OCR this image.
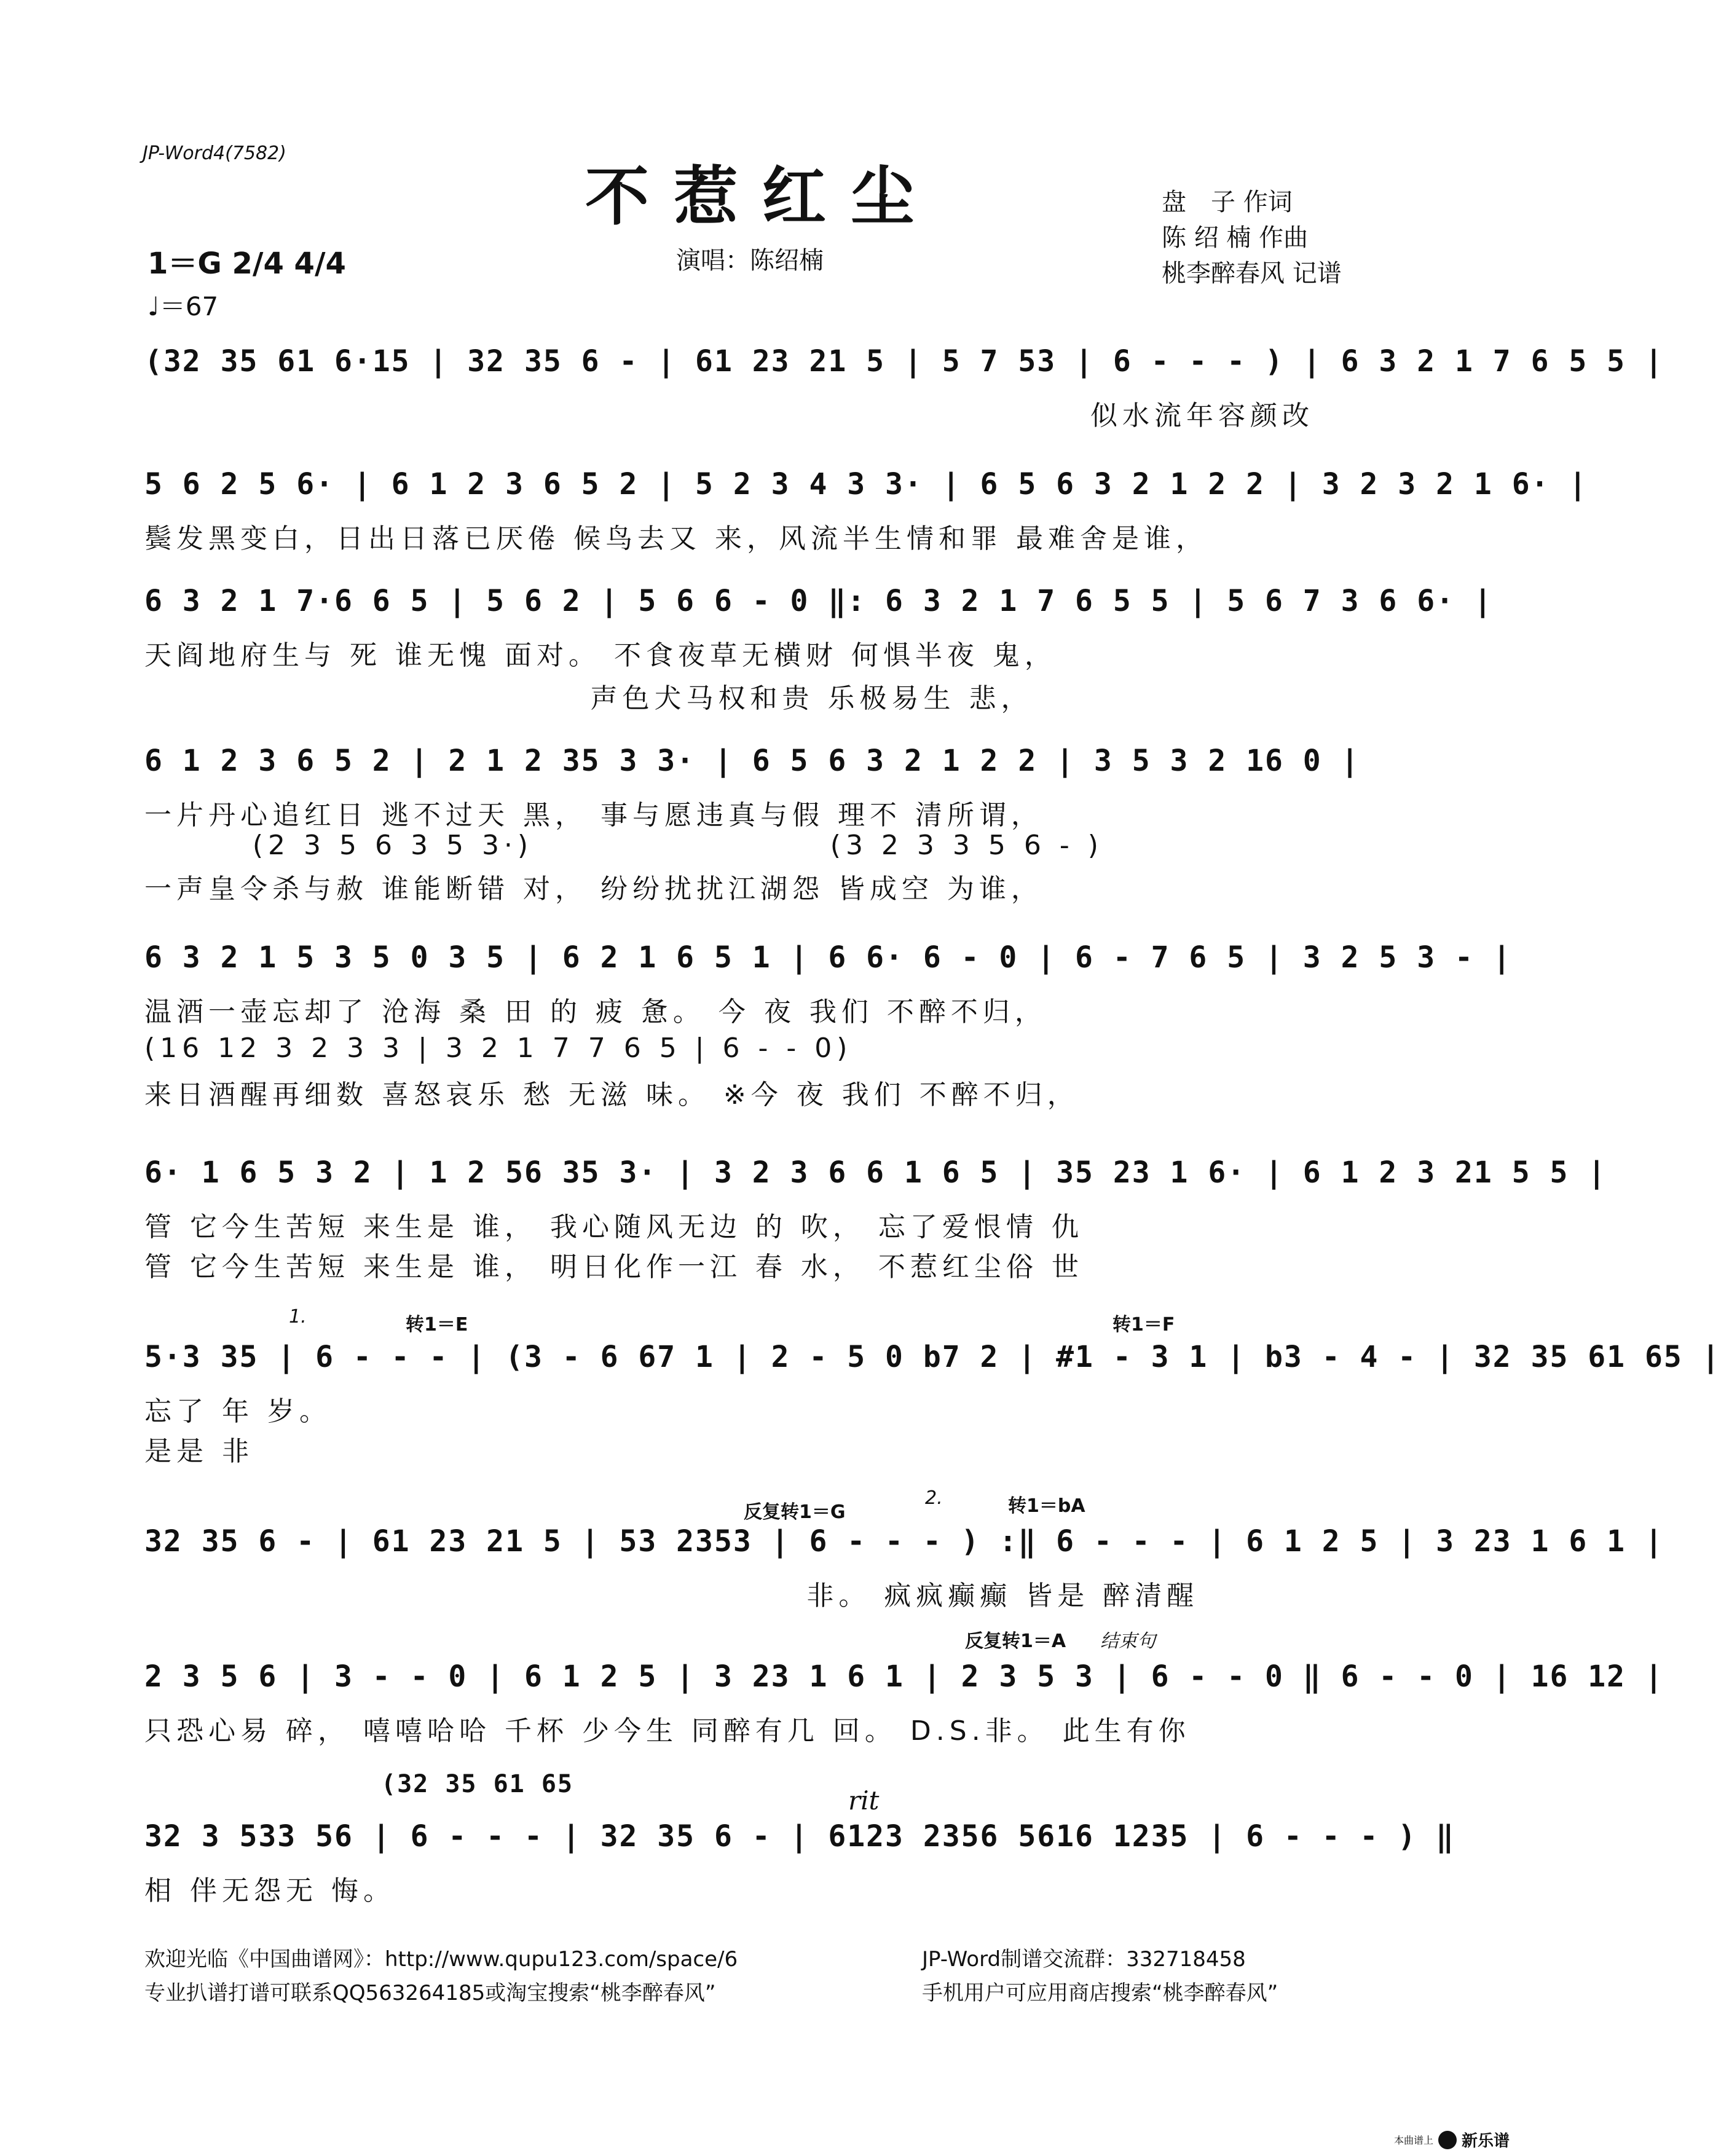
JP-Word4(7582)
不惹红尘
演唱：陈绍楠
盘　子 作词
陈 绍 楠 作曲
桃李醉春风 记谱
1＝G 2/4 4/4
♩＝67
(32 35 61 6·15 | 32 35 6 - | 61 23 21 5 | 5 7 53 | 6 - - - ) | 6 3 2 1 7 6 5 5 |
似水流年容颜改
5 6 2 5 6· | 6 1 2 3 6 5 2 | 5 2 3 4 3 3· | 6 5 6 3 2 1 2 2 | 3 2 3 2 1 6· |
鬓发黑变白，日出日落已厌倦 候鸟去又 来，风流半生情和罪 最难舍是谁，
6 3 2 1 7·6 6 5 | 5 6 2 | 5 6 6 - 0 ‖: 6 3 2 1 7 6 5 5 | 5 6 7 3 6 6· |
天阎地府生与 死 谁无愧 面对。 不食夜草无横财 何惧半夜 鬼，
声色犬马权和贵 乐极易生 悲，
6 1 2 3 6 5 2 | 2 1 2 35 3 3· | 6 5 6 3 2 1 2 2 | 3 5 3 2 16 0 |
一片丹心追红日 逃不过天 黑， 事与愿违真与假 理不 清所谓，
(2 3 5 6 3 5 3·)                      (3 2 3 3 5 6 - )
一声皇令杀与赦 谁能断错 对， 纷纷扰扰江湖怨 皆成空 为谁，
6 3 2 1 5 3 5 0 3 5 | 6 2 1 6 5 1 | 6 6· 6 - 0 | 6 - 7 6 5 | 3 2 5 3 - |
温酒一壶忘却了 沧海 桑 田 的 疲 惫。 今 夜 我们 不醉不归，
(16 12 3 2 3 3 | 3 2 1 7 7 6 5 | 6 - - 0)
来日酒醒再细数 喜怒哀乐 愁 无滋 味。 ※今 夜 我们 不醉不归，
6· 1 6 5 3 2 | 1 2 56 35 3· | 3 2 3 6 6 1 6 5 | 35 23 1 6· | 6 1 2 3 21 5 5 |
管 它今生苦短 来生是 谁， 我心随风无边 的 吹， 忘了爱恨情 仇
管 它今生苦短 来生是 谁， 明日化作一江 春 水， 不惹红尘俗 世
1.	转1＝E	转1＝F
5·3 35 | 6 - - - | (3 - 6 67 1 | 2 - 5 0 b7 2 | #1 - 3 1 | b3 - 4 - | 32 35 61 65 |
忘了 年 岁。
是是 非
反复转1＝G
2.	转1＝bA
32 35 6 - | 61 23 21 5 | 53 2353 | 6 - - - ) :‖ 6 - - - | 6 1 2 5 | 3 23 1 6 1 |
非。 疯疯癫癫 皆是 醉清醒
反复转1＝A 结束句
2 3 5 6 | 3 - - 0 | 6 1 2 5 | 3 23 1 6 1 | 2 3 5 3 | 6 - - 0 ‖ 6 - - 0 | 16 12 |
只恐心易 碎， 嘻嘻哈哈 千杯 少今生 同醉有几 回。 D.S.非。 此生有你
(32 35 61 65
rit
32 3 533 56 | 6 - - - | 32 35 6 - | 6123 2356 5616 1235 | 6 - - - ) ‖
相 伴无怨无 悔。
欢迎光临《中国曲谱网》：http://www.qupu123.com/space/6	JP-Word制谱交流群：332718458
专业扒谱打谱可联系QQ563264185或淘宝搜索“桃李醉春风”	手机用户可应用商店搜索“桃李醉春风”
本曲谱上 新乐谱
